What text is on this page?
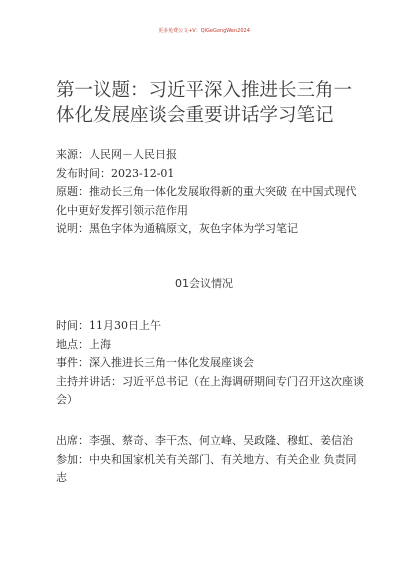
更多免费公文+V：QiGeGongWen2024
第一议题：习近平深入推进长三角一体化发展座谈会重要讲话学习笔记

来源：人民网－人民日报

发布时间：2023-12-01

原题：推动长三角一体化发展取得新的重大突破 在中国式现代化中更好发挥引领示范作用

说明：黑色字体为通稿原文，灰色字体为学习笔记

01会议情况

时间：11月30日上午

地点：上海

事件：深入推进长三角一体化发展座谈会

主持并讲话：习近平总书记（在上海调研期间专门召开这次座谈会）

出席：李强、蔡奇、李干杰、何立峰、吴政隆、穆虹、姜信治

参加：中央和国家机关有关部门、有关地方、有关企业 负责同志
